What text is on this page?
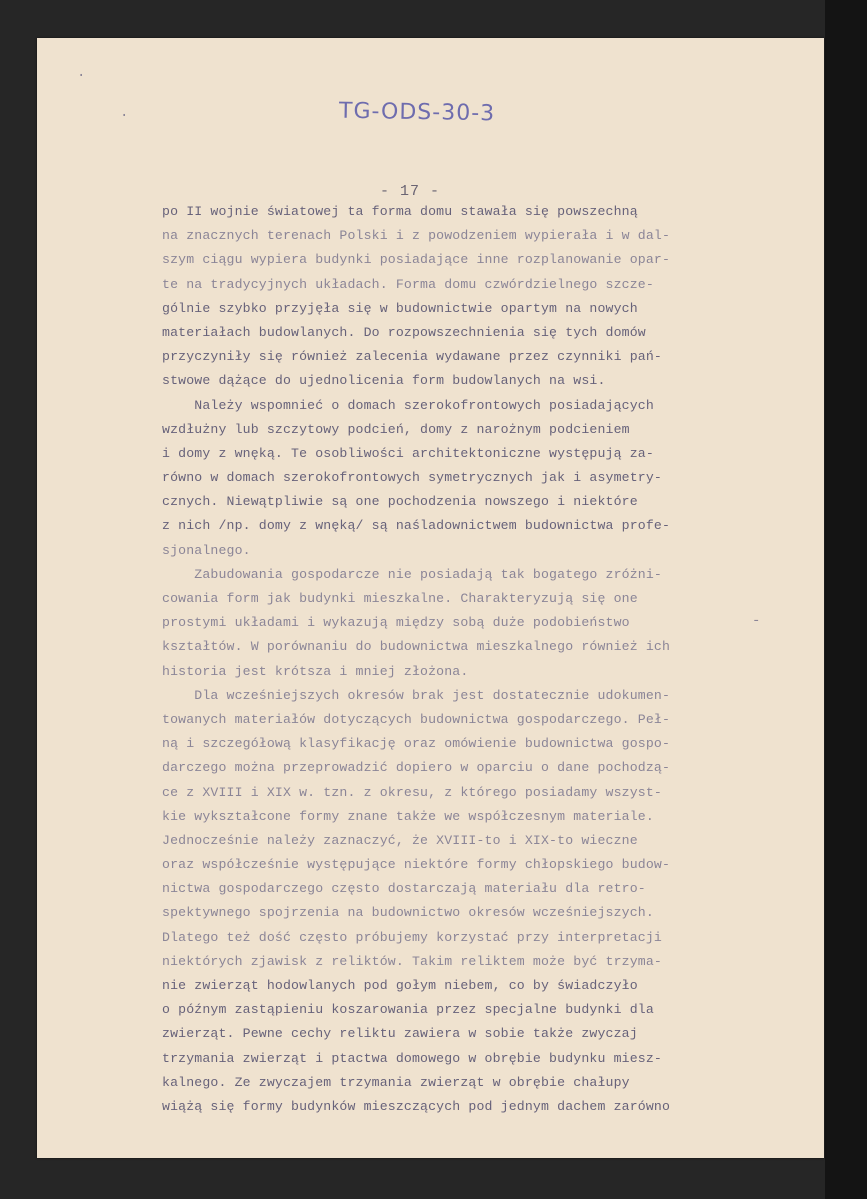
TG-ODS-30-3
- 17 -
·
·
-
po II wojnie światowej ta forma domu stawała się powszechną
na znacznych terenach Polski i z powodzeniem wypierała i w dal-
szym ciągu wypiera budynki posiadające inne rozplanowanie opar-
te na tradycyjnych układach. Forma domu czwórdzielnego szcze-
gólnie szybko przyjęła się w budownictwie opartym na nowych
materiałach budowlanych. Do rozpowszechnienia się tych domów
przyczyniły się również zalecenia wydawane przez czynniki pań-
stwowe dążące do ujednolicenia form budowlanych na wsi.
Należy wspomnieć o domach szerokofrontowych posiadających
wzdłużny lub szczytowy podcień, domy z narożnym podcieniem
i domy z wnęką. Te osobliwości architektoniczne występują za-
równo w domach szerokofrontowych symetrycznych jak i asymetry-
cznych. Niewątpliwie są one pochodzenia nowszego i niektóre
z nich /np. domy z wnęką/ są naśladownictwem budownictwa profe-
sjonalnego.
Zabudowania gospodarcze nie posiadają tak bogatego zróżni-
cowania form jak budynki mieszkalne. Charakteryzują się one
prostymi układami i wykazują między sobą duże podobieństwo
kształtów. W porównaniu do budownictwa mieszkalnego również ich
historia jest krótsza i mniej złożona.
Dla wcześniejszych okresów brak jest dostatecznie udokumen-
towanych materiałów dotyczących budownictwa gospodarczego. Peł-
ną i szczegółową klasyfikację oraz omówienie budownictwa gospo-
darczego można przeprowadzić dopiero w oparciu o dane pochodzą-
ce z XVIII i XIX w. tzn. z okresu, z którego posiadamy wszyst-
kie wykształcone formy znane także we współczesnym materiale.
Jednocześnie należy zaznaczyć, że XVIII-to i XIX-to wieczne
oraz współcześnie występujące niektóre formy chłopskiego budow-
nictwa gospodarczego często dostarczają materiału dla retro-
spektywnego spojrzenia na budownictwo okresów wcześniejszych.
Dlatego też dość często próbujemy korzystać przy interpretacji
niektórych zjawisk z reliktów. Takim reliktem może być trzyma-
nie zwierząt hodowlanych pod gołym niebem, co by świadczyło
o późnym zastąpieniu koszarowania przez specjalne budynki dla
zwierząt. Pewne cechy reliktu zawiera w sobie także zwyczaj
trzymania zwierząt i ptactwa domowego w obrębie budynku miesz-
kalnego. Ze zwyczajem trzymania zwierząt w obrębie chałupy
wiążą się formy budynków mieszczących pod jednym dachem zarówno
